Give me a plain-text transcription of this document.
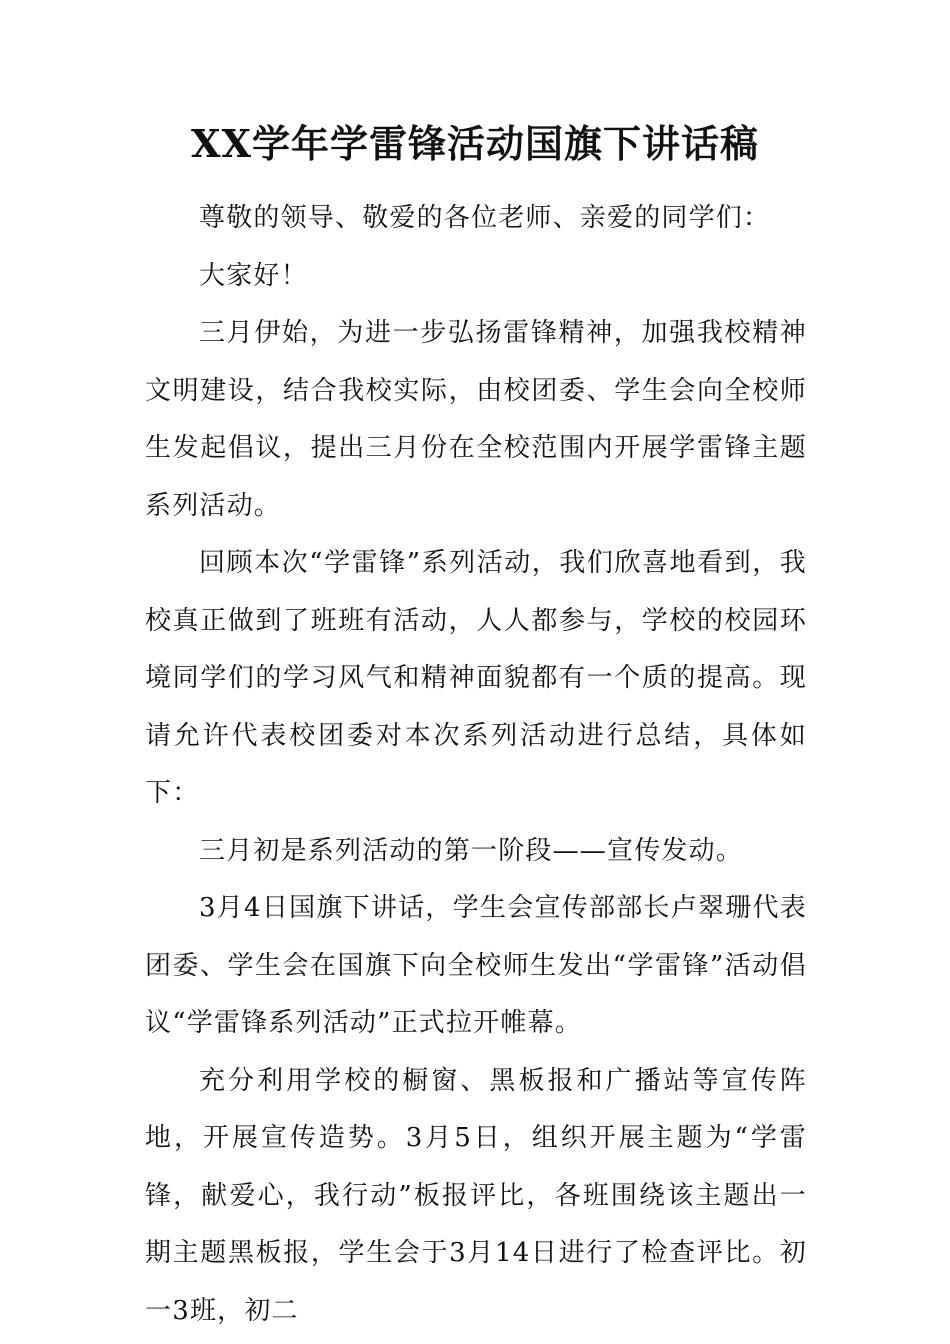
XX学年学雷锋活动国旗下讲话稿

尊敬的领导、敬爱的各位老师、亲爱的同学们：

大家好！

三月伊始，为进一步弘扬雷锋精神，加强我校精神文明建设，结合我校实际，由校团委、学生会向全校师生发起倡议，提出三月份在全校范围内开展学雷锋主题系列活动。

回顾本次“学雷锋”系列活动，我们欣喜地看到，我校真正做到了班班有活动，人人都参与，学校的校园环境同学们的学习风气和精神面貌都有一个质的提高。现请允许代表校团委对本次系列活动进行总结，具体如下：

三月初是系列活动的第一阶段——宣传发动。

3月4日国旗下讲话，学生会宣传部部长卢翠珊代表团委、学生会在国旗下向全校师生发出“学雷锋”活动倡议“学雷锋系列活动”正式拉开帷幕。

充分利用学校的橱窗、黑板报和广播站等宣传阵地，开展宣传造势。3月5日，组织开展主题为“学雷锋，献爱心，我行动”板报评比，各班围绕该主题出一期主题黑板报，学生会于3月14日进行了检查评比。初一3班，初二
